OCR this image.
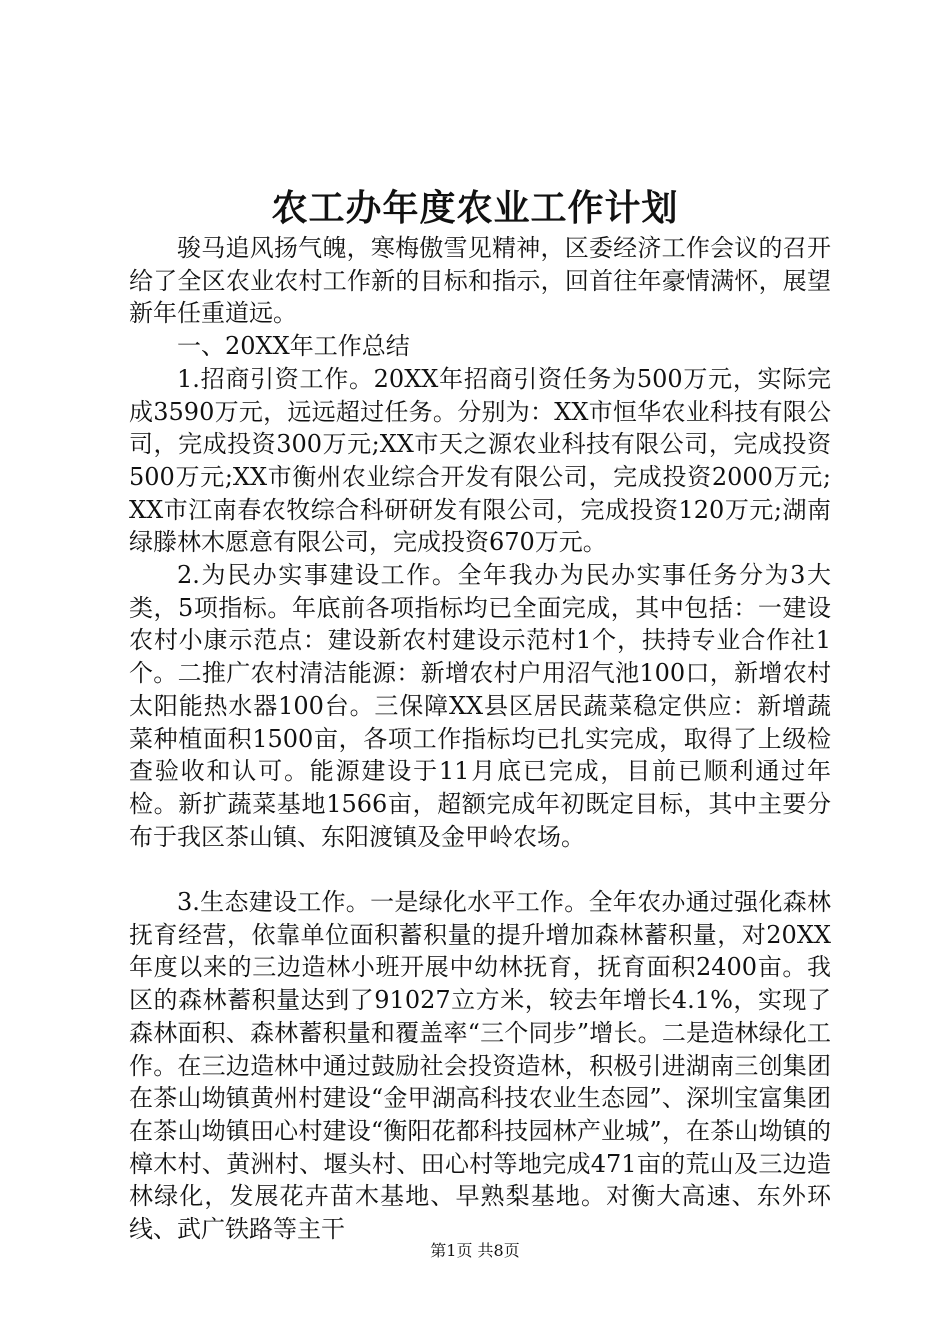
农工办年度农业工作计划

骏马追风扬气魄，寒梅傲雪见精神，区委经济工作会议的召开给了全区农业农村工作新的目标和指示，回首往年豪情满怀，展望新年任重道远。

一、20XX年工作总结

1.招商引资工作。20XX年招商引资任务为500万元，实际完成3590万元，远远超过任务。分别为：XX市恒华农业科技有限公司，完成投资300万元;XX市天之源农业科技有限公司，完成投资500万元;XX市衡州农业综合开发有限公司，完成投资2000万元;XX市江南春农牧综合科研研发有限公司，完成投资120万元;湖南绿滕林木愿意有限公司，完成投资670万元。

2.为民办实事建设工作。全年我办为民办实事任务分为3大类，5项指标。年底前各项指标均已全面完成，其中包括：一建设农村小康示范点：建设新农村建设示范村1个，扶持专业合作社1个。二推广农村清洁能源：新增农村户用沼气池100口，新增农村太阳能热水器100台。三保障XX县区居民蔬菜稳定供应：新增蔬菜种植面积1500亩，各项工作指标均已扎实完成，取得了上级检查验收和认可。能源建设于11月底已完成，目前已顺利通过年检。新扩蔬菜基地1566亩，超额完成年初既定目标，其中主要分布于我区茶山镇、东阳渡镇及金甲岭农场。

3.生态建设工作。一是绿化水平工作。全年农办通过强化森林抚育经营，依靠单位面积蓄积量的提升增加森林蓄积量，对20XX年度以来的三边造林小班开展中幼林抚育，抚育面积2400亩。我区的森林蓄积量达到了91027立方米，较去年增长4.1%，实现了森林面积、森林蓄积量和覆盖率“三个同步”增长。二是造林绿化工作。在三边造林中通过鼓励社会投资造林，积极引进湖南三创集团在茶山坳镇黄州村建设“金甲湖高科技农业生态园”、深圳宝富集团在茶山坳镇田心村建设“衡阳花都科技园林产业城”，在茶山坳镇的樟木村、黄洲村、堰头村、田心村等地完成471亩的荒山及三边造林绿化，发展花卉苗木基地、早熟梨基地。对衡大高速、东外环线、武广铁路等主干

第1页 共8页
